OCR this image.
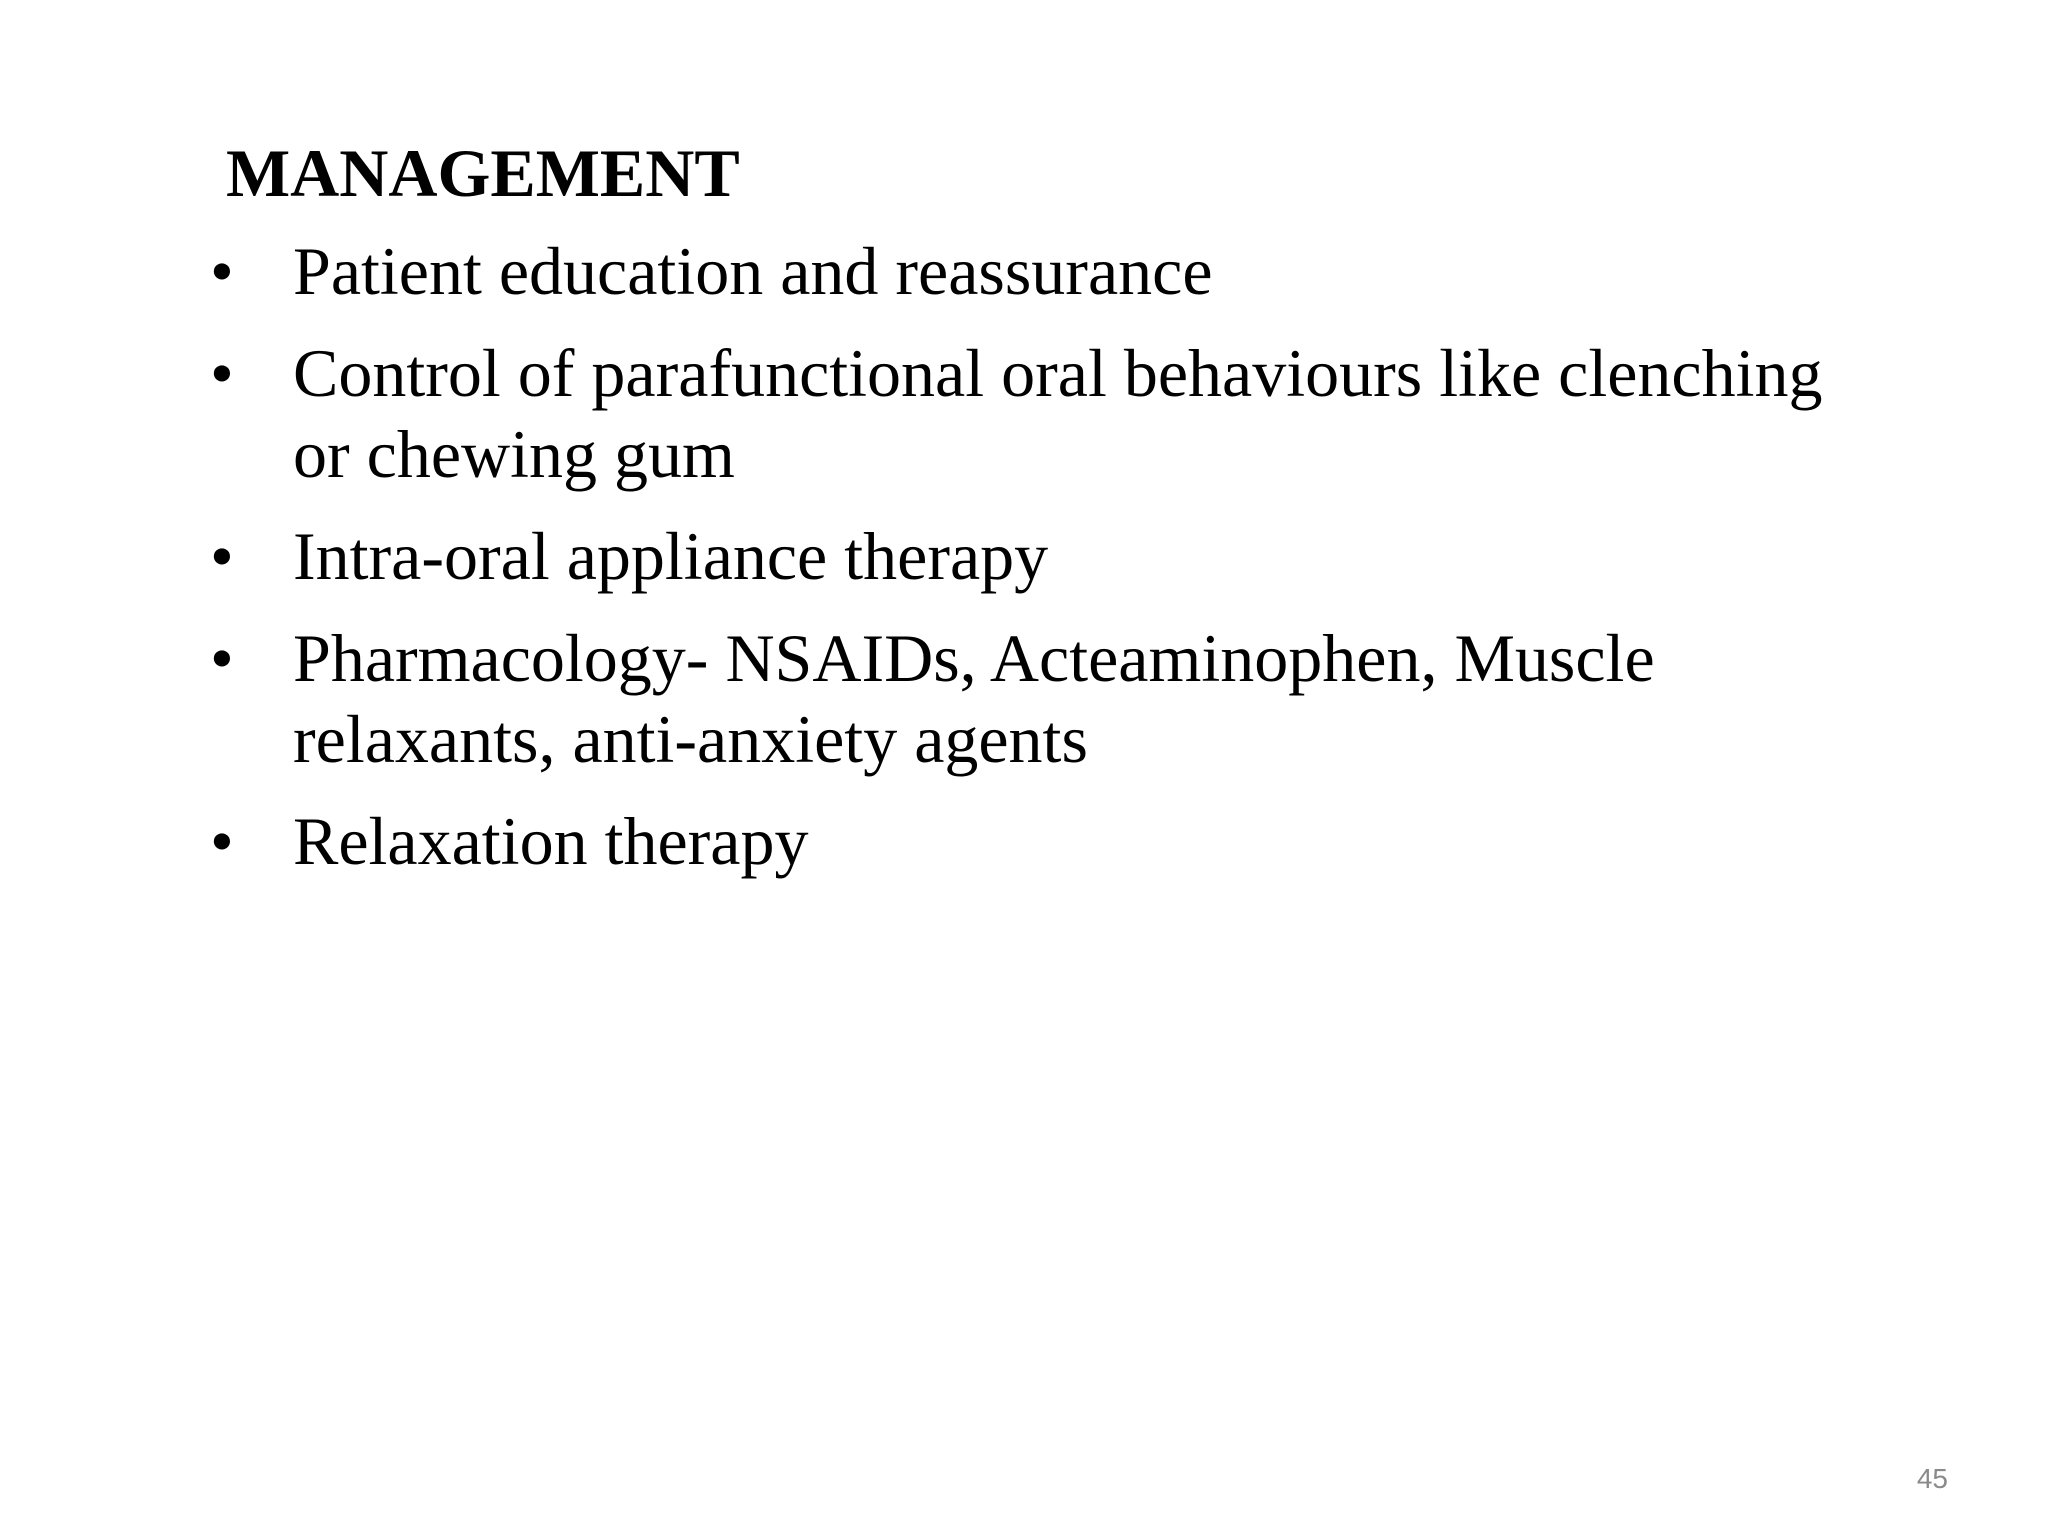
MANAGEMENT
• Patient education and reassurance
• Control of parafunctional oral behaviours like clenching or chewing gum
• Intra-oral appliance therapy
• Pharmacology- NSAIDs, Acteaminophen, Muscle relaxants, anti-anxiety agents
• Relaxation therapy
45
